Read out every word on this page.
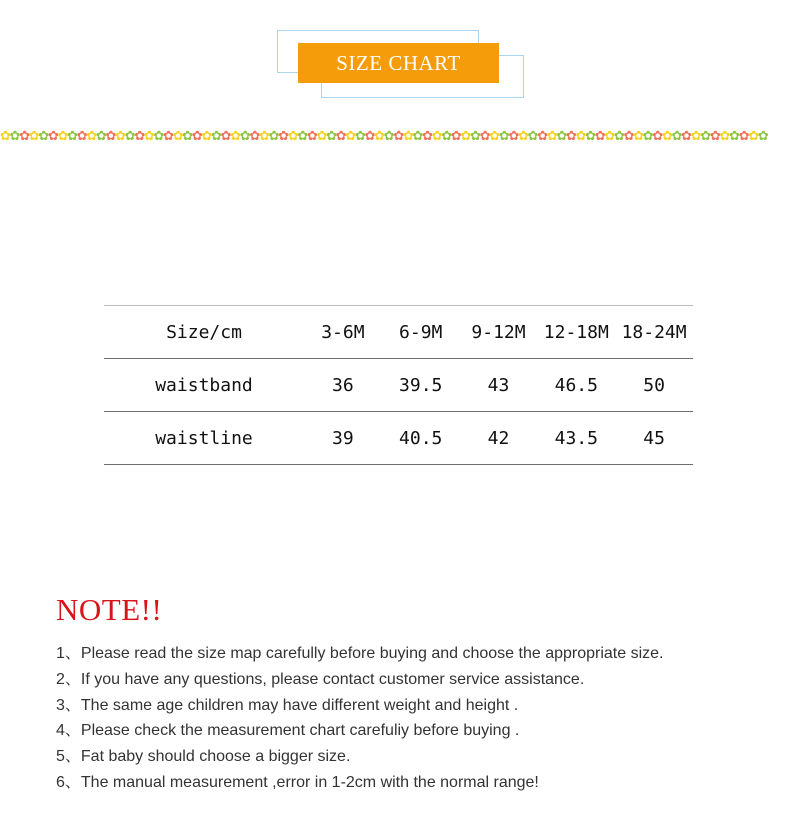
SIZE CHART
✿✿✿✿✿✿✿✿✿✿✿✿✿✿✿✿✿✿✿✿✿✿✿✿✿✿✿✿✿✿✿✿✿✿✿✿✿✿✿✿✿✿✿✿✿✿✿✿✿✿✿✿✿✿✿✿✿✿✿✿✿✿✿✿✿✿✿✿✿✿✿✿✿✿✿✿✿✿✿✿
Size/cm	3-6M	6-9M	9-12M	12-18M	18-24M
waistband	36	39.5	43	46.5	50
waistline	39	40.5	42	43.5	45
NOTE!!
1、Please read the size map carefully before buying and choose the appropriate size.
2、If you have any questions, please contact customer service assistance.
3、The same age children may have different weight and height .
4、Please check the measurement chart carefuliy before buying .
5、Fat baby should choose a bigger size.
6、The manual measurement ,error in 1-2cm with the normal range!
